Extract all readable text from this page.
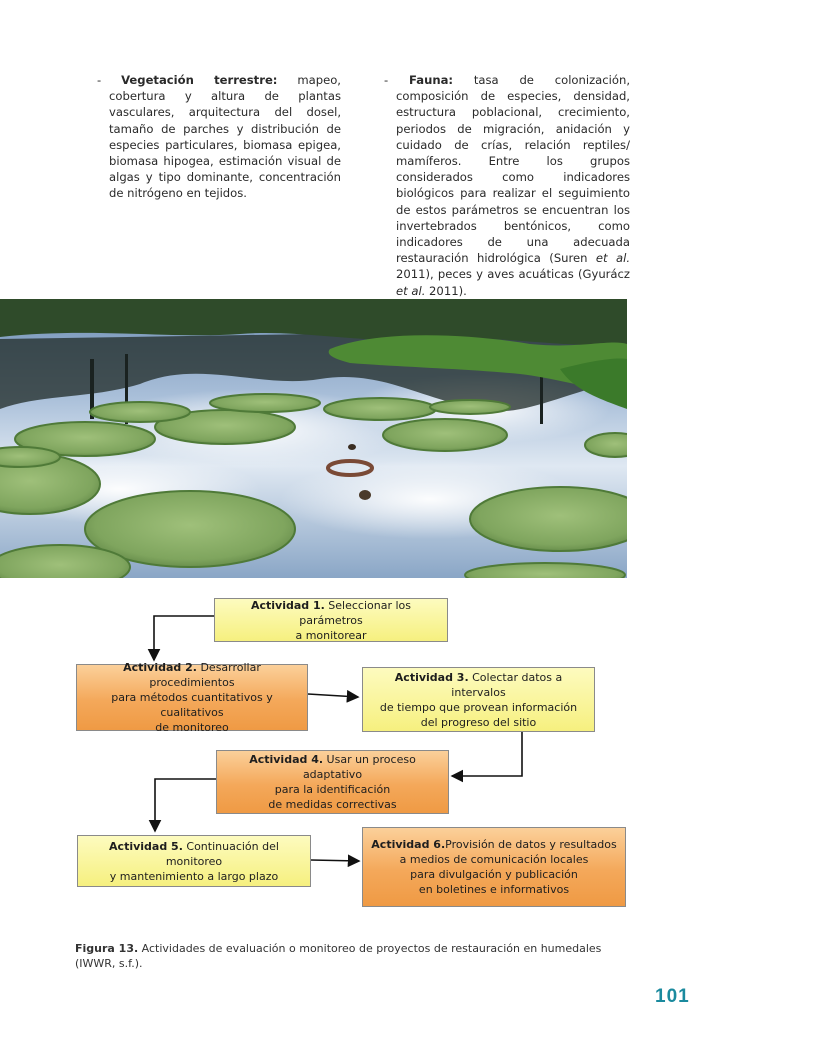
- Vegetación terrestre: mapeo, cobertura y altura de plantas vasculares, arquitectura del dosel, tamaño de parches y distribución de especies particulares, biomasa epigea, biomasa hipogea, estimación visual de algas y tipo dominante, concentración de nitrógeno en tejidos.

- Fauna: tasa de colonización, composición de especies, densidad, estructura poblacional, crecimiento, periodos de migración, anidación y cuidado de crías, relación reptiles/ mamíferos. Entre los grupos considerados como indicadores biológicos para realizar el seguimiento de estos parámetros se encuentran los invertebrados bentónicos, como indicadores de una adecuada restauración hidrológica (Suren et al. 2011), peces y aves acuáticas (Gyurácz et al. 2011).

Actividad 1. Seleccionar los parámetros
a monitorear
Actividad 2. Desarrollar procedimientos
para métodos cuantitativos y cualitativos
de monitoreo
Actividad 3. Colectar datos a intervalos
de tiempo que provean información
del progreso del sitio
Actividad 4. Usar un proceso adaptativo
para la identificación
de medidas correctivas
Actividad 5. Continuación del monitoreo
y mantenimiento a largo plazo
Actividad 6.Provisión de datos y resultados
a medios de comunicación locales
para divulgación y publicación
en boletines e informativos
Figura 13. Actividades de evaluación o monitoreo de proyectos de restauración en humedales (IWWR, s.f.).
101
